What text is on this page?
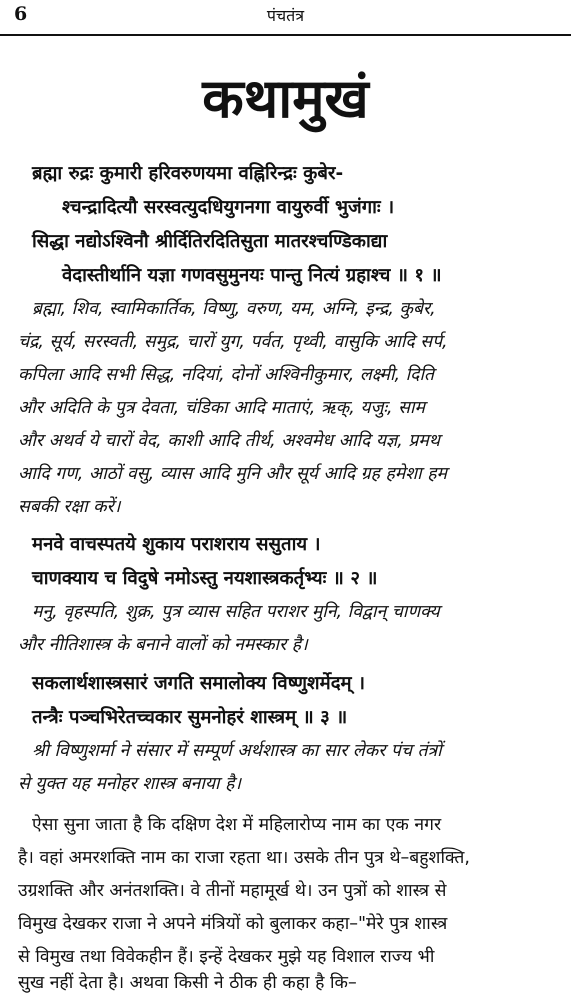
6	पंचतंत्र
कथामुखं
ब्रह्मा रुद्रः कुमारी हरिवरुणयमा वह्निरिन्द्रः कुबेर-
श्चन्द्रादित्यौ सरस्वत्युदधियुगनगा वायुरुर्वी भुजंगाः ।
सिद्धा नद्योऽश्विनौ श्रीर्दितिरदितिसुता मातरश्चण्डिकाद्या
वेदास्तीर्थानि यज्ञा गणवसुमुनयः पान्तु नित्यं ग्रहाश्च ॥ १ ॥
ब्रह्मा, शिव, स्वामिकार्तिक, विष्णु, वरुण, यम, अग्नि, इन्द्र, कुबेर,
चंद्र, सूर्य, सरस्वती, समुद्र, चारों युग, पर्वत, पृथ्वी, वासुकि आदि सर्प,
कपिला आदि सभी सिद्ध, नदियां, दोनों अश्विनीकुमार, लक्ष्मी, दिति
और अदिति के पुत्र देवता, चंडिका आदि माताएं, ऋक्, यजुः, साम
और अथर्व ये चारों वेद, काशी आदि तीर्थ, अश्वमेध आदि यज्ञ, प्रमथ
आदि गण, आठों वसु, व्यास आदि मुनि और सूर्य आदि ग्रह हमेशा हम
सबकी रक्षा करें।
मनवे वाचस्पतये शुकाय पराशराय ससुताय ।
चाणक्याय च विदुषे नमोऽस्तु नयशास्त्रकर्तृभ्यः ॥ २ ॥
मनु, वृहस्पति, शुक्र, पुत्र व्यास सहित पराशर मुनि, विद्वान् चाणक्य
और नीतिशास्त्र के बनाने वालों को नमस्कार है।
सकलार्थशास्त्रसारं जगति समालोक्य विष्णुशर्मेदम् ।
तन्त्रैः पञ्चभिरेतच्चकार सुमनोहरं शास्त्रम् ॥ ३ ॥
श्री विष्णुशर्मा ने संसार में सम्पूर्ण अर्थशास्त्र का सार लेकर पंच तंत्रों
से युक्त यह मनोहर शास्त्र बनाया है।
ऐसा सुना जाता है कि दक्षिण देश में महिलारोप्य नाम का एक नगर
है। वहां अमरशक्ति नाम का राजा रहता था। उसके तीन पुत्र थे–बहुशक्ति,
उग्रशक्ति और अनंतशक्ति। वे तीनों महामूर्ख थे। उन पुत्रों को शास्त्र से
विमुख देखकर राजा ने अपने मंत्रियों को बुलाकर कहा–"मेरे पुत्र शास्त्र
से विमुख तथा विवेकहीन हैं। इन्हें देखकर मुझे यह विशाल राज्य भी
सुख नहीं देता है। अथवा किसी ने ठीक ही कहा है कि–
